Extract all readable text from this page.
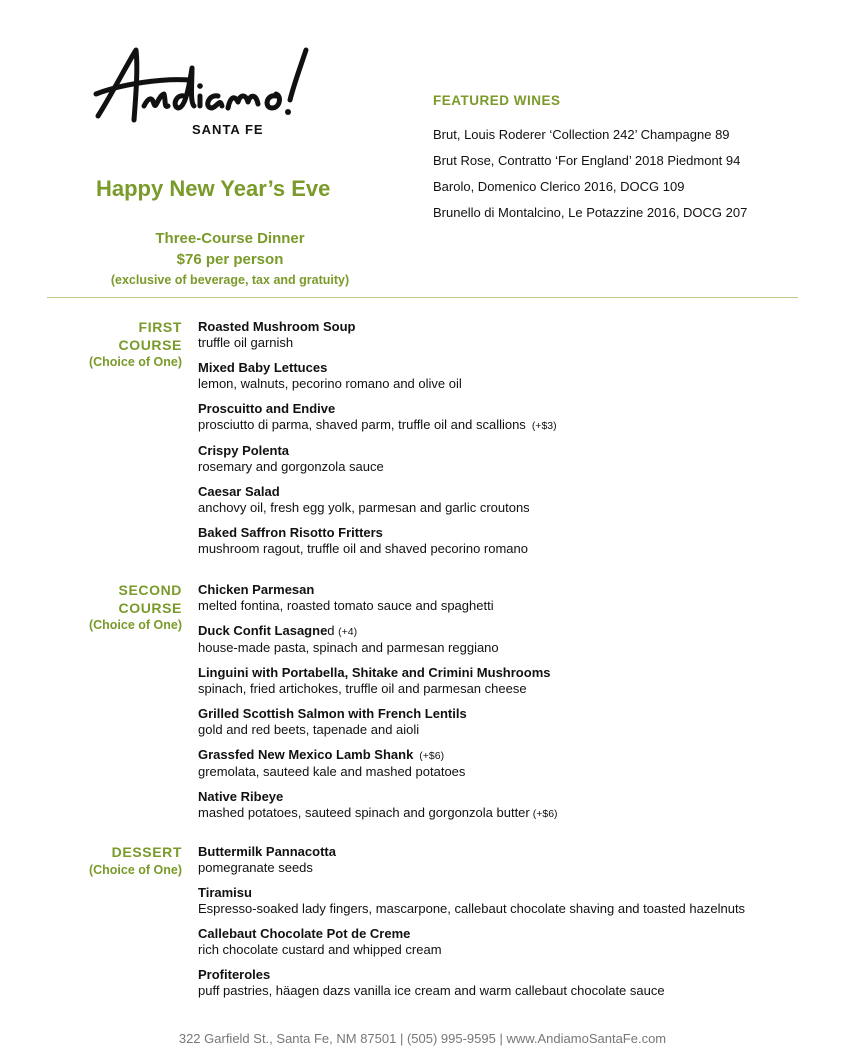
SANTA FE
Happy New Year’s Eve
Three-Course Dinner
$76 per person
(exclusive of beverage, tax and gratuity)
FEATURED WINES
Brut, Louis Roderer ‘Collection 242’ Champagne 89
Brut Rose, Contratto ‘For England’ 2018 Piedmont 94
Barolo, Domenico Clerico 2016, DOCG 109
Brunello di Montalcino, Le Potazzine 2016, DOCG 207
FIRST
COURSE
(Choice of One)
Roasted Mushroom Soup
truffle oil garnish
Mixed Baby Lettuces
lemon, walnuts, pecorino romano and olive oil
Proscuitto and Endive
prosciutto di parma, shaved parm, truffle oil and scallions (+$3)
Crispy Polenta
rosemary and gorgonzola sauce
Caesar Salad
anchovy oil, fresh egg yolk, parmesan and garlic croutons
Baked Saffron Risotto Fritters
mushroom ragout, truffle oil and shaved pecorino romano
SECOND
COURSE
(Choice of One)
Chicken Parmesan
melted fontina, roasted tomato sauce and spaghetti
Duck Confit Lasagned (+4)
house-made pasta, spinach and parmesan reggiano
Linguini with Portabella, Shitake and Crimini Mushrooms
spinach, fried artichokes, truffle oil and parmesan cheese
Grilled Scottish Salmon with French Lentils
gold and red beets, tapenade and aioli
Grassfed New Mexico Lamb Shank (+$6)
gremolata, sauteed kale and mashed potatoes
Native Ribeye
mashed potatoes, sauteed spinach and gorgonzola butter (+$6)
DESSERT
(Choice of One)
Buttermilk Pannacotta
pomegranate seeds
Tiramisu
Espresso-soaked lady fingers, mascarpone, callebaut chocolate shaving and toasted hazelnuts
Callebaut Chocolate Pot de Creme
rich chocolate custard and whipped cream
Profiteroles
puff pastries, häagen dazs vanilla ice cream and warm callebaut chocolate sauce
322 Garfield St., Santa Fe, NM 87501 | (505) 995-9595 | www.AndiamoSantaFe.com
